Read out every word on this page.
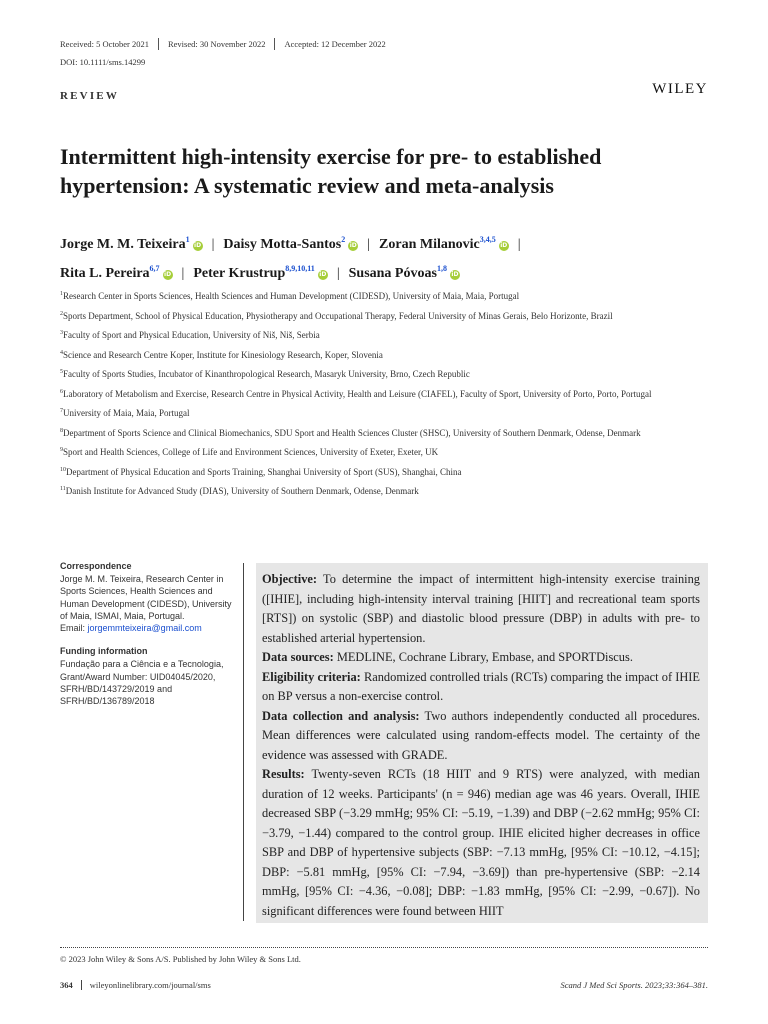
Received: 5 October 2021	Revised: 30 November 2022	Accepted: 12 December 2022
DOI: 10.1111/sms.14299
REVIEW	WILEY
Intermittent high-intensity exercise for pre- to established hypertension: A systematic review and meta-analysis
Jorge M. M. Teixeira$^1$iD | Daisy Motta-Santos$^2$iD | Zoran Milanovic$^{3,4,5}$iD |
Rita L. Pereira$^{6,7}$iD | Peter Krustrup$^{8,9,10,11}$iD | Susana Póvoas$^{1,8}$iD
$^1$Research Center in Sports Sciences, Health Sciences and Human Development (CIDESD), University of Maia, Maia, Portugal
$^2$Sports Department, School of Physical Education, Physiotherapy and Occupational Therapy, Federal University of Minas Gerais, Belo Horizonte, Brazil
$^3$Faculty of Sport and Physical Education, University of Niš, Niš, Serbia
$^4$Science and Research Centre Koper, Institute for Kinesiology Research, Koper, Slovenia
$^5$Faculty of Sports Studies, Incubator of Kinanthropological Research, Masaryk University, Brno, Czech Republic
$^6$Laboratory of Metabolism and Exercise, Research Centre in Physical Activity, Health and Leisure (CIAFEL), Faculty of Sport, University of Porto, Porto, Portugal
$^7$University of Maia, Maia, Portugal
$^8$Department of Sports Science and Clinical Biomechanics, SDU Sport and Health Sciences Cluster (SHSC), University of Southern Denmark, Odense, Denmark
$^9$Sport and Health Sciences, College of Life and Environment Sciences, University of Exeter, Exeter, UK
$^{10}$Department of Physical Education and Sports Training, Shanghai University of Sport (SUS), Shanghai, China
$^{11}$Danish Institute for Advanced Study (DIAS), University of Southern Denmark, Odense, Denmark
Correspondence
Jorge M. M. Teixeira, Research Center in Sports Sciences, Health Sciences and Human Development (CIDESD), University of Maia, ISMAI, Maia, Portugal.
Email: jorgemmteixeira@gmail.com
Funding information
Fundação para a Ciência e a Tecnologia, Grant/Award Number: UID04045/2020, SFRH/BD/143729/2019 and SFRH/BD/136789/2018

Objective: To determine the impact of intermittent high-intensity exercise training ([IHIE], including high-intensity interval training [HIIT] and recreational team sports [RTS]) on systolic (SBP) and diastolic blood pressure (DBP) in adults with pre- to established arterial hypertension.

Data sources: MEDLINE, Cochrane Library, Embase, and SPORTDiscus.

Eligibility criteria: Randomized controlled trials (RCTs) comparing the impact of IHIE on BP versus a non-exercise control.

Data collection and analysis: Two authors independently conducted all procedures. Mean differences were calculated using random-effects model. The certainty of the evidence was assessed with GRADE.

Results: Twenty-seven RCTs (18 HIIT and 9 RTS) were analyzed, with median duration of 12 weeks. Participants' (n = 946) median age was 46 years. Overall, IHIE decreased SBP (−3.29 mmHg; 95% CI: −5.19, −1.39) and DBP (−2.62 mmHg; 95% CI: −3.79, −1.44) compared to the control group. IHIE elicited higher decreases in office SBP and DBP of hypertensive subjects (SBP: −7.13 mmHg, [95% CI: −10.12, −4.15]; DBP: −5.81 mmHg, [95% CI: −7.94, −3.69]) than pre-hypertensive (SBP: −2.14 mmHg, [95% CI: −4.36, −0.08]; DBP: −1.83 mmHg, [95% CI: −2.99, −0.67]). No significant differences were found between HIIT

© 2023 John Wiley & Sons A/S. Published by John Wiley & Sons Ltd.
364 wileyonlinelibrary.com/journal/sms	Scand J Med Sci Sports. 2023;33:364–381.
